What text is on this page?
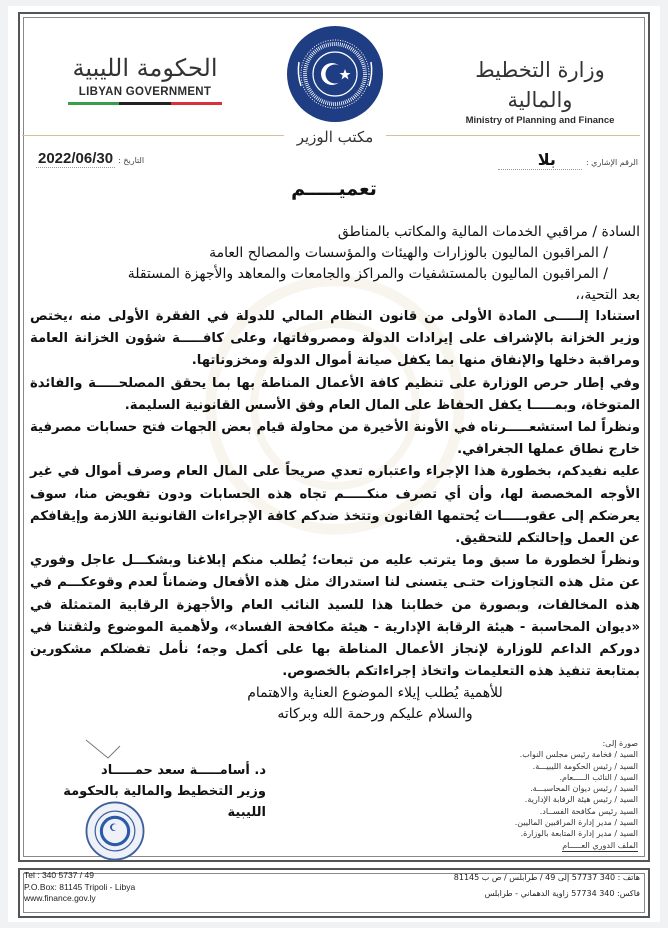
الحكومة الليبية
LIBYAN GOVERNMENT
مكتب الوزير
وزارة التخطيط والمالية
Ministry of Planning and Finance
2022/06/30 التاريخ :	الرقم الإشاري :
بلا
تعميـــــم

السادة / مراقبي الخدمات المالية والمكاتب بالمناطق

/ المراقبون الماليون بالوزارات والهيئات والمؤسسات والمصالح العامة

/ المراقبون الماليون بالمستشفيات والمراكز والجامعات والمعاهد والأجهزة المستقلة

بعد التحية،،

استنادا إلـــــى المادة الأولى من قانون النظام المالي للدولة في الفقرة الأولى منه ،يختص وزير الخزانة بالإشراف على إيرادات الدولة ومصروفاتها، وعلى كافـــــة شؤون الخزانة العامة ومراقبة دخلها والإنفاق منها بما يكفل صيانة أموال الدولة ومخزوناتها.

وفي إطار حرص الوزارة على تنظيم كافة الأعمال المناطة بها بما يحقق المصلحـــــة والفائدة المتوخاة، وبمـــــا يكفل الحفاظ على المال العام وفق الأسس القانونية السليمة.

ونظراً لما استشعـــــرناه في الأونة الأخيرة من محاولة قيام بعض الجهات فتح حسابات مصرفية خارج نطاق عملها الجغرافي.

عليه نفيدكم، بخطورة هذا الإجراء واعتباره تعدي صريحاً على المال العام وصرف أموال في غير الأوجه المخصصة لها، وأن أي تصرف منكـــــم تجاه هذه الحسابات ودون تفويض منا، سوف يعرضكم إلى عقوبـــــات يُحتمها القانون وتتخذ ضدكم كافة الإجراءات القانونية اللازمة وإيقافكم عن العمل وإحالتكم للتحقيق.

ونظراً لخطورة ما سبق وما يترتب عليه من تبعات؛ يُطلب منكم إبلاغنا وبشكـــل عاجل وفوري عن مثل هذه التجاوزات حتـى يتسنى لنا استدراك مثل هذه الأفعال وضماناً لعدم وقوعكـــم في هذه المخالفات، وبصورة من خطابنا هذا للسيد النائب العام والأجهزة الرقابية المتمثلة في «ديوان المحاسبة - هيئة الرقابة الإدارية - هيئة مكافحة الفساد»، ولأهمية الموضوع ولثقتنا في دوركم الداعم للوزارة لإنجاز الأعمال المناطة بها على أكمل وجه؛ نأمل تفضلكم مشكورين بمتابعة تنفيذ هذه التعليمات واتخاذ إجراءاتكم بالخصوص.

للأهمية يُطلب إيلاء الموضوع العناية والاهتمام

والسلام عليكم ورحمة الله وبركاته

د. أسامـــــة سعد حمـــــاد
وزير التخطيط والمالية بالحكومة الليبية
صورة إلى:
السيد / فخامة رئيس مجلس النواب.
السيد / رئيس الحكومة الليبيـــة.
السيد / النائب الـــــعام.
السيد / رئيس ديوان المحاسبـــة.
السيد / رئيس هيئة الرقابة الإدارية.
السيد رئيس مكافحة الفســاد.
السيد / مدير إدارة المراقبين الماليين.
السيد / مدير إدارة المتابعة بالوزارة.
الملف الدوري العـــــام
Tel : 340 5737 / 49
P.O.Box: 81145 Tripoli - Libya
www.finance.gov.ly
هاتف : 340 57737 إلى 49 / طرابلس / ص ب 81145
فاكس: 340 57734 زاوية الدهماني - طرابلس
